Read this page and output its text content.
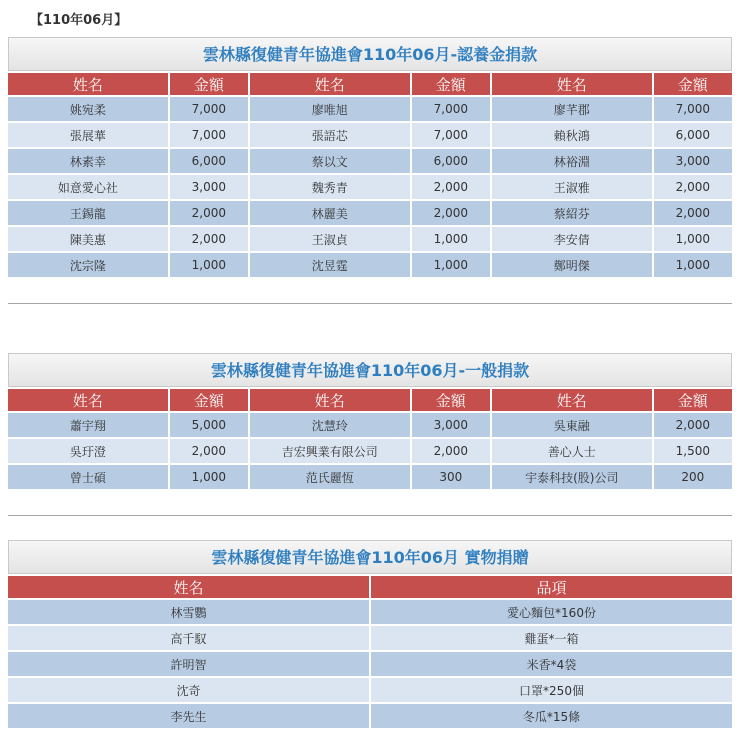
【110年06月】
雲林縣復健青年協進會110年06月-認養金捐款
姓名	金額	姓名	金額	姓名	金額
姚宛柔	7,000	廖唯旭	7,000	廖芊郡	7,000
張展華	7,000	張語芯	7,000	賴秋鴻	6,000
林素幸	6,000	蔡以文	6,000	林裕淵	3,000
如意愛心社	3,000	魏秀青	2,000	王淑雅	2,000
王錫龍	2,000	林麗美	2,000	蔡紹芬	2,000
陳美惠	2,000	王淑貞	1,000	李安倩	1,000
沈宗隆	1,000	沈昱霆	1,000	鄭明傑	1,000
雲林縣復健青年協進會110年06月-一般捐款
姓名	金額	姓名	金額	姓名	金額
蕭宇翔	5,000	沈慧玲	3,000	吳東融	2,000
吳玗澄	2,000	吉宏興業有限公司	2,000	善心人士	1,500
曾士碩	1,000	范氏麗恆	300	宇泰科技(股)公司	200
雲林縣復健青年協進會110年06月 實物捐贈
姓名	品項
林雪鸚	愛心麵包*160份
高千馭	雞蛋*一箱
許明智	米香*4袋
沈奇	口罩*250個
李先生	冬瓜*15條
